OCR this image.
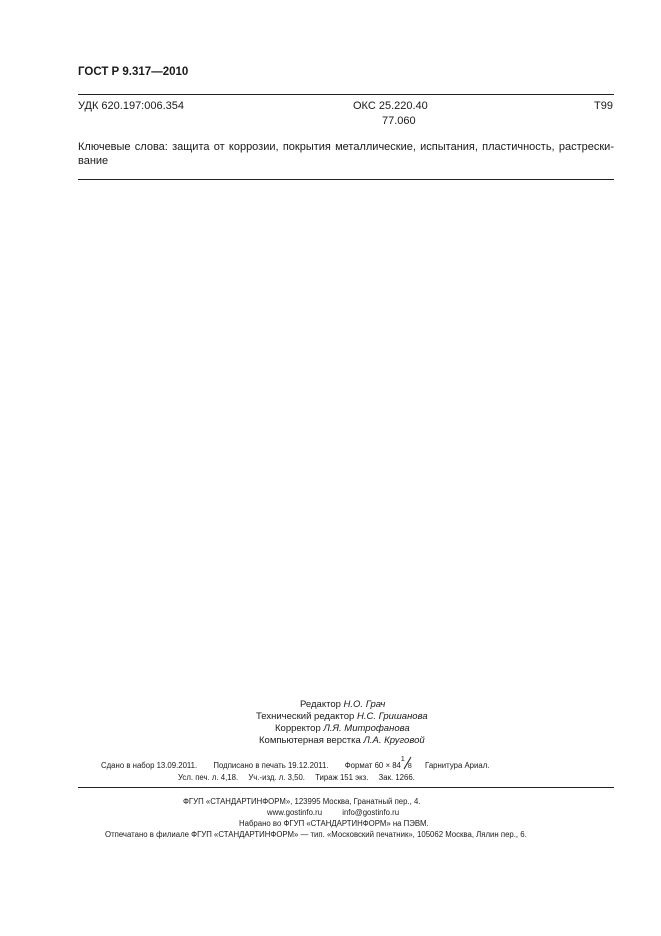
ГОСТ Р 9.317—2010
УДК 620.197:006.354	ОКС 25.220.40
77.060
T99
Ключевые слова: защита от коррозии, покрытия металлические, испытания, пластичность, растрески-вание
Редактор Н.О. Грач
Технический редактор Н.С. Гришанова
Корректор Л.Я. Митрофанова
Компьютерная верстка Л.А. Круговой
Сдано в набор 13.09.2011. Подписано в печать 19.12.2011. Формат 60 × 84
1
8 Гарнитура Ариал.
Усл. печ. л. 4,18. Уч.-изд. л. 3,50. Тираж 151 экз. Зак. 1266.
ФГУП «СТАНДАРТИНФОРМ», 123995 Москва, Гранатный пер., 4.
www.gostinfo.ru	info@gostinfo.ru
Набрано во ФГУП «СТАНДАРТИНФОРМ» на ПЭВМ.
Отпечатано в филиале ФГУП «СТАНДАРТИНФОРМ» — тип. «Московский печатник», 105062 Москва, Лялин пер., 6.
